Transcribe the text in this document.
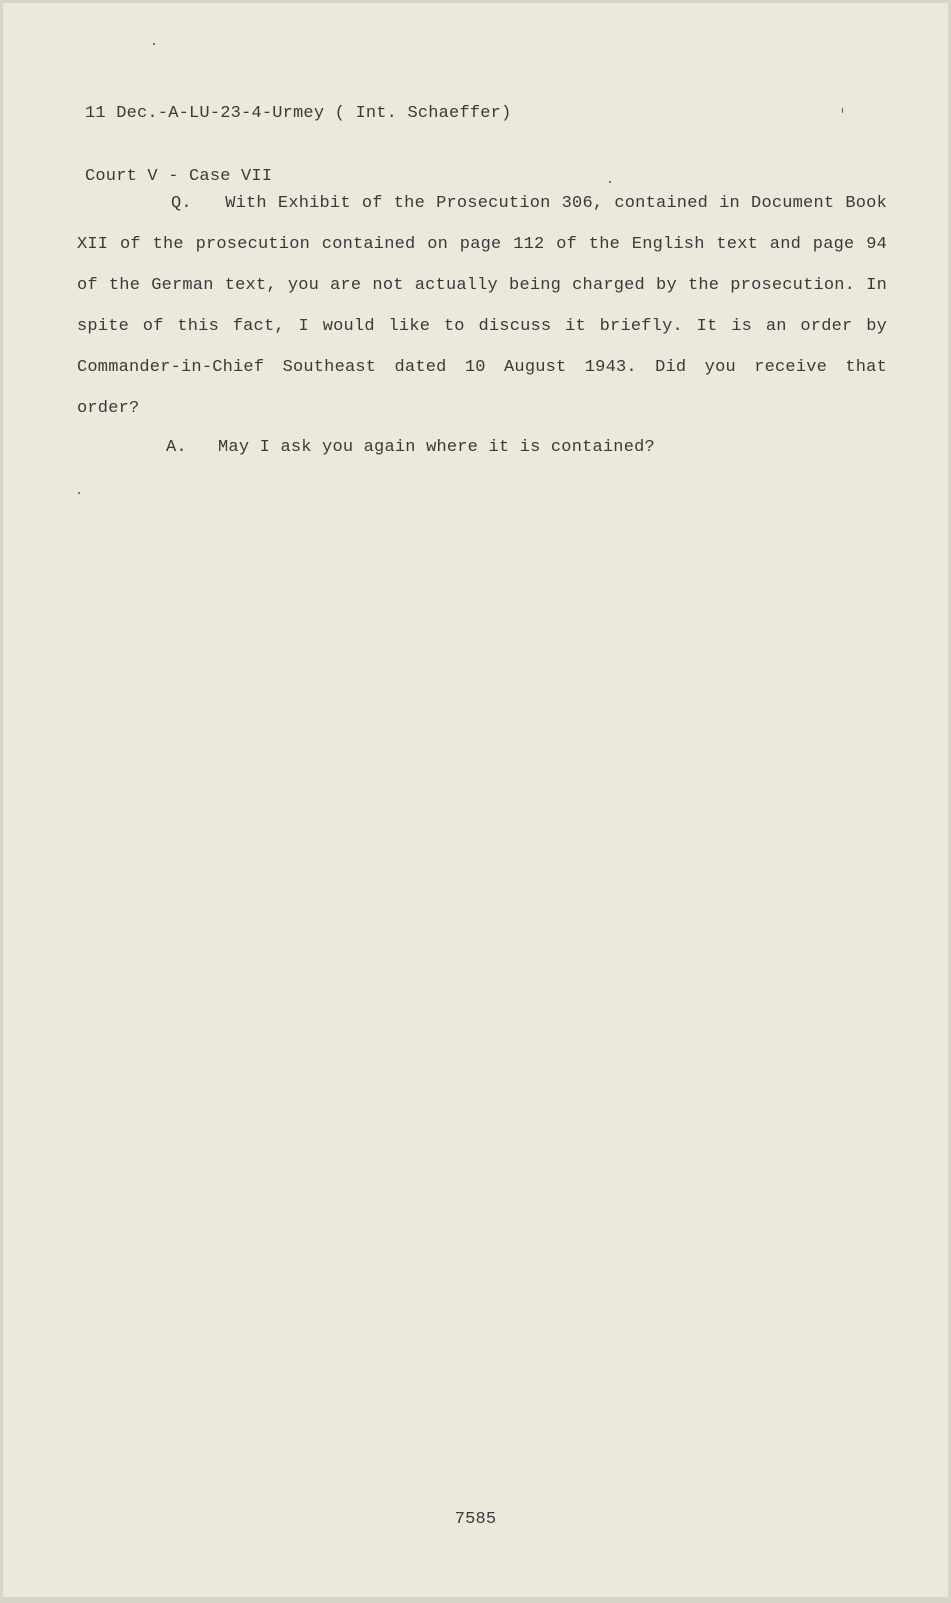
11 Dec.-A-LU-23-4-Urmey ( Int. Schaeffer)

Court V - Case VII

Q. With Exhibit of the Prosecution 306, contained in Document Book XII of the prosecution contained on page 112 of the English text and page 94 of the German text, you are not actually being charged by the prosecution. In spite of this fact, I would like to discuss it briefly. It is an order by Commander-in-Chief Southeast dated 10 August 1943. Did you receive that order?
A. May I ask you again where it is contained?
7585
